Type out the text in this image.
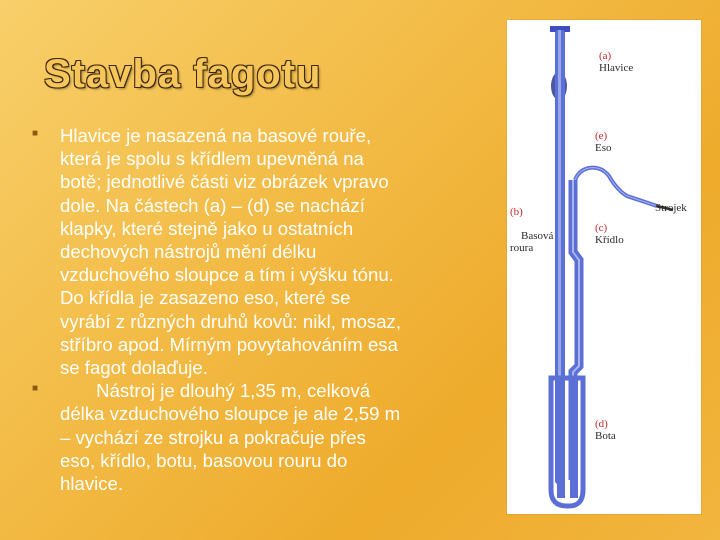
Stavba fagotu
■ Hlavice je nasazená na basové rouře,
která je spolu s křídlem upevněná na
botě; jednotlivé části viz obrázek vpravo
dole. Na částech (a) – (d) se nachází
klapky, které stejně jako u ostatních
dechových nástrojů mění délku
vzduchového sloupce a tím i výšku tónu.
Do křídla je zasazeno eso, které se
vyrábí z různých druhů kovů: nikl, mosaz,
stříbro apod. Mírným povytahováním esa
se fagot dolaďuje.
■ Nástroj je dlouhý 1,35 m, celková
délka vzduchového sloupce je ale 2,59 m
– vychází ze strojku a pokračuje přes
eso, křídlo, botu, basovou rouru do
hlavice.
(a)
Hlavice
(e)
Eso

(b)

Basová
roura

Strojek
(c)
Křídlo
(d)
Bota
